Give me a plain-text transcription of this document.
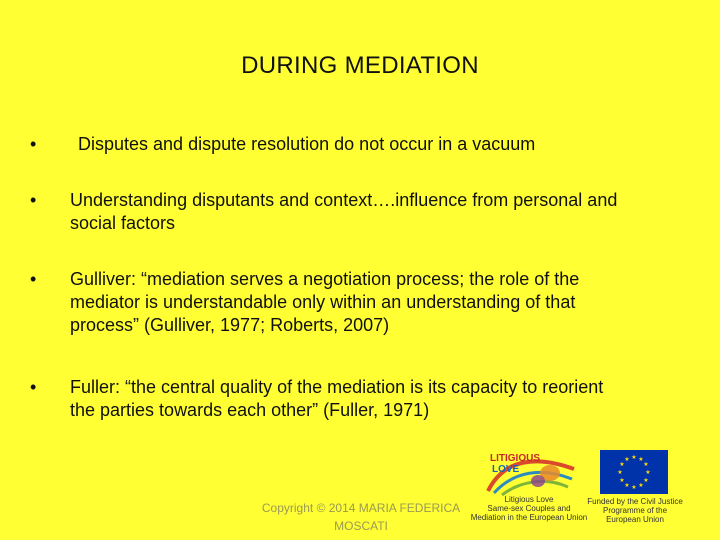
DURING MEDIATION
•	Disputes and dispute resolution do not occur in a vacuum
•	Understanding disputants and context….influence from personal and
social factors
•	Gulliver: “mediation serves a negotiation process; the role of the
mediator is understandable only within an understanding of that
process” (Gulliver, 1977; Roberts, 2007)
•	Fuller: “the central quality of the mediation is its capacity to reorient
the parties towards each other” (Fuller, 1971)
Copyright © 2014 MARIA FEDERICA
MOSCATI
LITIGIOUS
LOVE
Litigious Love
Same-sex Couples and
Mediation in the European Union
★ ★
★
★
★
★
★
★
★
★
★
★
Funded by the Civil Justice
Programme of the
European Union
